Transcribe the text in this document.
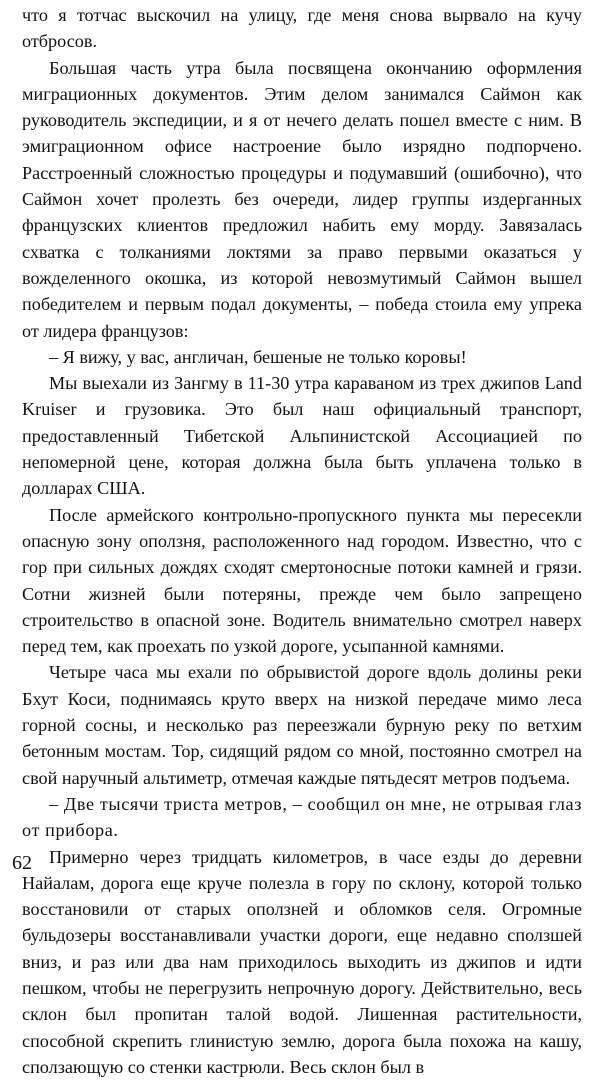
что я тотчас выскочил на улицу, где меня снова вырвало на кучу отбросов.

Большая часть утра была посвящена окончанию оформления миграционных документов. Этим делом занимался Саймон как руководитель экспедиции, и я от нечего делать пошел вместе с ним. В эмиграционном офисе настроение было изрядно подпорчено. Расстроенный сложностью процедуры и подумавший (ошибочно), что Саймон хочет пролезть без очереди, лидер группы издерганных французских клиентов предложил набить ему морду. Завязалась схватка с толканиями локтями за право первыми оказаться у вожделенного окошка, из которой невозмутимый Саймон вышел победителем и первым подал документы, – победа стоила ему упрека от лидера французов:

– Я вижу, у вас, англичан, бешеные не только коровы!

Мы выехали из Зангму в 11-30 утра караваном из трех джипов Land Kruiser и грузовика. Это был наш официальный транспорт, предоставленный Тибетской Альпинистской Ассоциацией по непомерной цене, которая должна была быть уплачена только в долларах США.

После армейского контрольно-пропускного пункта мы пересекли опасную зону оползня, расположенного над городом. Известно, что с гор при сильных дождях сходят смертоносные потоки камней и грязи. Сотни жизней были потеряны, прежде чем было запрещено строительство в опасной зоне. Водитель внимательно смотрел наверх перед тем, как проехать по узкой дороге, усыпанной камнями.

Четыре часа мы ехали по обрывистой дороге вдоль долины реки Бхут Коси, поднимаясь круто вверх на низкой передаче мимо леса горной сосны, и несколько раз переезжали бурную реку по ветхим бетонным мостам. Тор, сидящий рядом со мной, постоянно смотрел на свой наручный альтиметр, отмечая каждые пятьдесят метров подъема.

– Две тысячи триста метров, – сообщил он мне, не отрывая глаз от прибора.

Примерно через тридцать километров, в часе езды до деревни Найалам, дорога еще круче полезла в гору по склону, которой только восстановили от старых оползней и обломков селя. Огромные бульдозеры восстанавливали участки дороги, еще недавно сползшей вниз, и раз или два нам приходилось выходить из джипов и идти пешком, чтобы не перегрузить непрочную дорогу. Действительно, весь склон был пропитан талой водой. Лишенная растительности, способной скрепить глинистую землю, дорога была похожа на кашу, сползающую со стенки кастрюли. Весь склон был в

62
